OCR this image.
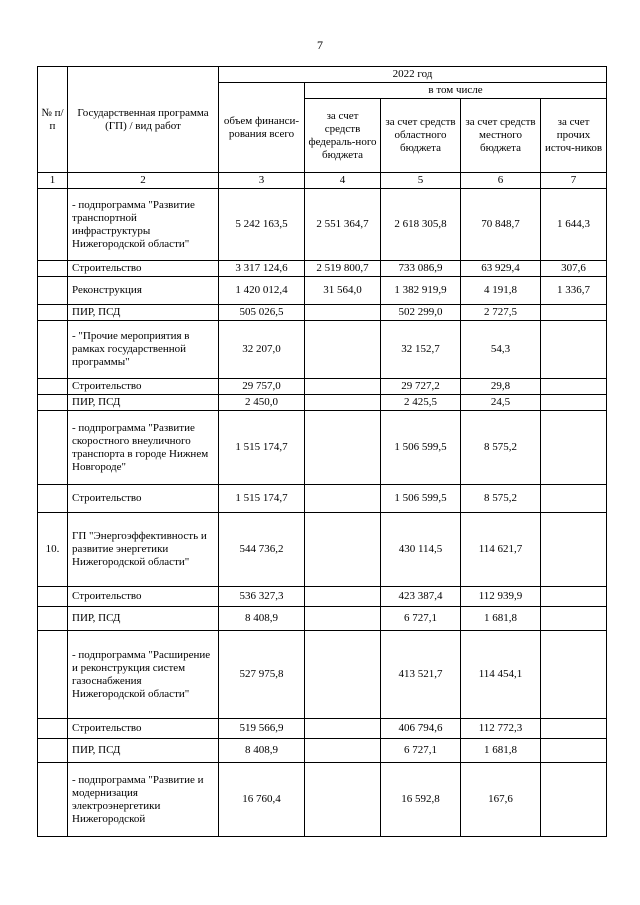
7
№ п/п	Государственная программа (ГП) / вид работ	2022 год				
		объем финанси-рования всего	в том числе			
			за счет средств федераль-ного бюджета	за счет средств областного бюджета	за счет средств местного бюджета	за счет прочих источ-ников
1	2	3	4	5	6	7
	- подпрограмма "Развитие транспортной инфраструктуры Нижегородской области"	5 242 163,5	2 551 364,7	2 618 305,8	70 848,7	1 644,3
	Строительство	3 317 124,6	2 519 800,7	733 086,9	63 929,4	307,6
	Реконструкция	1 420 012,4	31 564,0	1 382 919,9	4 191,8	1 336,7
	ПИР, ПСД	505 026,5		502 299,0	2 727,5	
	- "Прочие мероприятия в рамках государственной программы"	32 207,0		32 152,7	54,3	
	Строительство	29 757,0		29 727,2	29,8	
	ПИР, ПСД	2 450,0		2 425,5	24,5	
	- подпрограмма "Развитие скоростного внеуличного транспорта в городе Нижнем Новгороде"	1 515 174,7		1 506 599,5	8 575,2	
	Строительство	1 515 174,7		1 506 599,5	8 575,2	
10.	ГП "Энергоэффективность и развитие энергетики Нижегородской области"	544 736,2		430 114,5	114 621,7	
	Строительство	536 327,3		423 387,4	112 939,9	
	ПИР, ПСД	8 408,9		6 727,1	1 681,8	
	- подпрограмма "Расширение и реконструкция систем газоснабжения Нижегородской области"	527 975,8		413 521,7	114 454,1	
	Строительство	519 566,9		406 794,6	112 772,3	
	ПИР, ПСД	8 408,9		6 727,1	1 681,8	
	- подпрограмма "Развитие и модернизация электроэнергетики Нижегородской	16 760,4		16 592,8	167,6	
